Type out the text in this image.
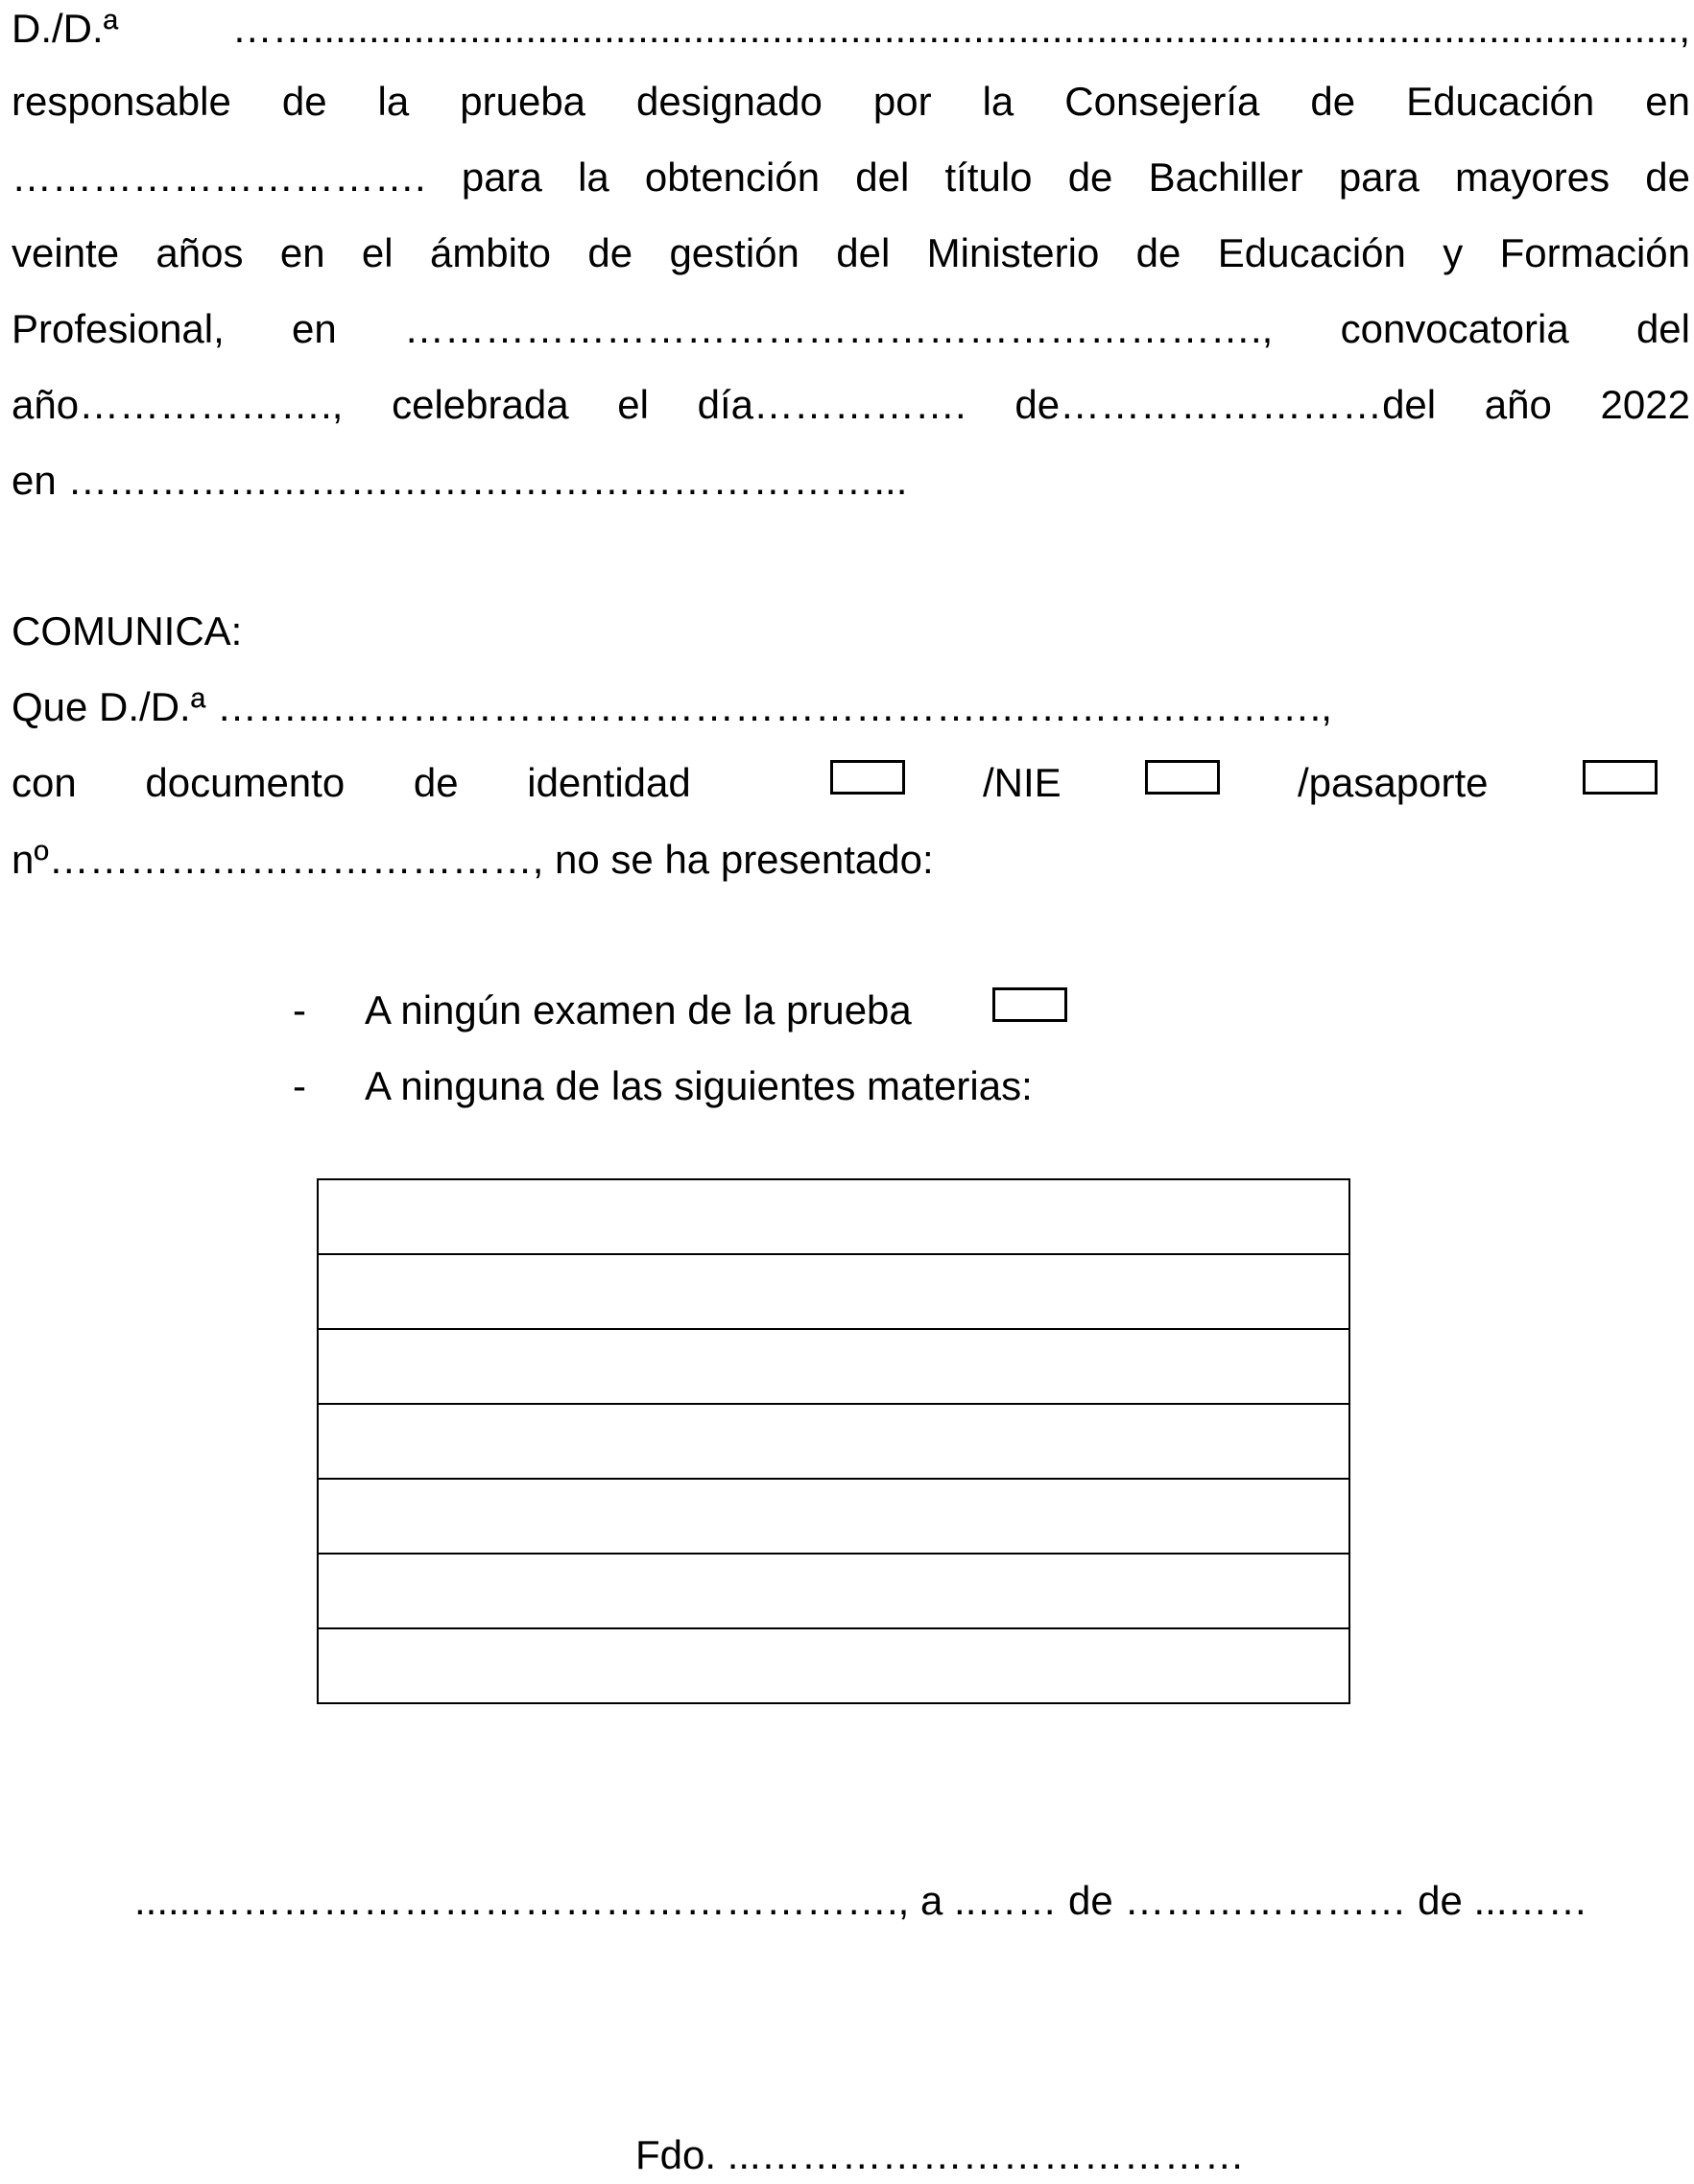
D./D.ª ……..........................................................................................................................,
responsable de la prueba designado por la Consejería de Educación en
…………………………. para la obtención del título de Bachiller para mayores de
veinte años en el ámbito de gestión del Ministerio de Educación y Formación
Profesional, en ………………………………………………………., convocatoria del
año………………., celebrada el día……………. de……………………del año 2022
en ……………………………………………………...
COMUNICA:
Que D./D.ª ……...………………………………………….…………………….,
con documento de identidad	/NIE	/pasaporte
nº………………………………, no se ha presentado:
- A ningún examen de la prueba
- A ninguna de las siguientes materias:

......……………………………………………., a ..…… de ………………… de ...……
Fdo. ...………………………………
